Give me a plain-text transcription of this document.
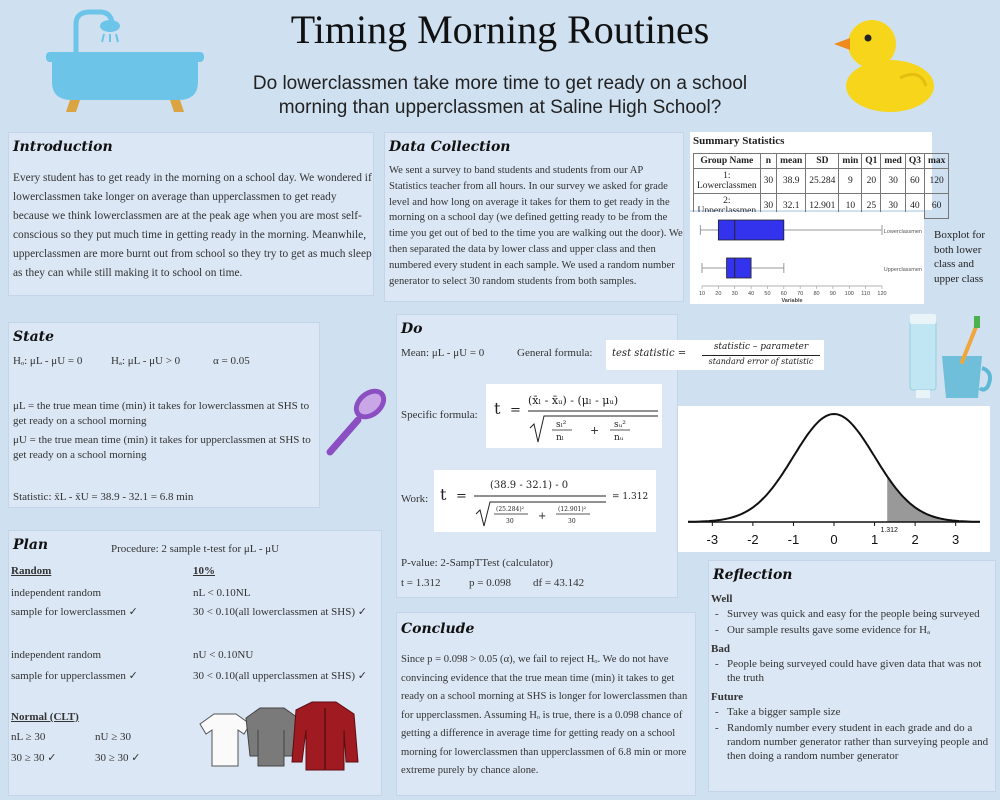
Timing Morning Routines
Do lowerclassmen take more time to get ready on a school
morning than upperclassmen at Saline High School?
Introduction
Every student has to get ready in the morning on a school day. We wondered if lowerclassmen take longer on average than upperclassmen to get ready because we think lowerclassmen are at the peak age when you are most self-conscious so they put much time in getting ready in the morning. Meanwhile, upperclassmen are more burnt out from school so they try to get as much sleep as they can while still making it to school on time.
Data Collection
We sent a survey to band students and students from our AP Statistics teacher from all hours. In our survey we asked for grade level and how long on average it takes for them to get ready in the morning on a school day (we defined getting ready to be from the time you get out of bed to the time you are walking out the door). We then separated the data by lower class and upper class and then numbered every student in each sample. We used a random number generator to select 30 random students from both samples.
Summary Statistics
Group Name	n	mean	SD	min	Q1	med	Q3	max
1: Lowerclassmen	30	38.9	25.284	9	20	30	60	120
2: Upperclassmen	30	32.1	12.901	10	25	30	40	60
Lowerclassmen
Upperclassmen
10 20 30 40 50 60 70 80 90 100 110 120
Variable
Boxplot for both lower class and upper class
State
Hₒ: μL - μU = 0	Hₐ: μL - μU > 0	α = 0.05
μL = the true mean time (min) it takes for lowerclassmen at SHS to get ready on a school morning
μU = the true mean time (min) it takes for upperclassmen at SHS to get ready on a school morning
Statistic: x̄L - x̄U = 38.9 - 32.1 = 6.8 min
Plan	Procedure: 2 sample t-test for μL - μU
Random	10%
independent random	nL < 0.10NL
sample for lowerclassmen ✓	30 < 0.10(all lowerclassmen at SHS) ✓
independent random	nU < 0.10NU
sample for upperclassmen ✓	30 < 0.10(all upperclassmen at SHS) ✓
Normal (CLT)
nL ≥ 30	nU ≥ 30
30 ≥ 30 ✓	30 ≥ 30 ✓
Do
Mean: μL - μU = 0	General formula:
Specific formula:
Work:
P-value: 2-SampTTest (calculator)
t = 1.312	p = 0.098 df = 43.142
test statistic =
statistic – parameter
standard error of statistic
t =
(x̄ₗ - x̄ᵤ) - (μₗ - μᵤ)
sₗ²
nₗ
+ sᵤ²
nᵤ
t =
(38.9 - 32.1) - 0
(25.284)²
30 +
(12.901)²
30
= 1.312
-3 -2 -1 0	1	2	3
1.312
Conclude
Since p = 0.098 > 0.05 (α), we fail to reject Hₒ. We do not have convincing evidence that the true mean time (min) it takes to get ready on a school morning at SHS is longer for lowerclassmen than for upperclassmen. Assuming Hₒ is true, there is a 0.098 chance of getting a difference in average time for getting ready on a school morning for lowerclassmen than upperclassmen of 6.8 min or more extreme purely by chance alone.
Reflection
Well
- Survey was quick and easy for the people being surveyed
- Our sample results gave some evidence for Hₐ
Bad
- People being surveyed could have given data that was not the truth
Future
- Take a bigger sample size
- Randomly number every student in each grade and do a random number generator rather than surveying people and then doing a random number generator
